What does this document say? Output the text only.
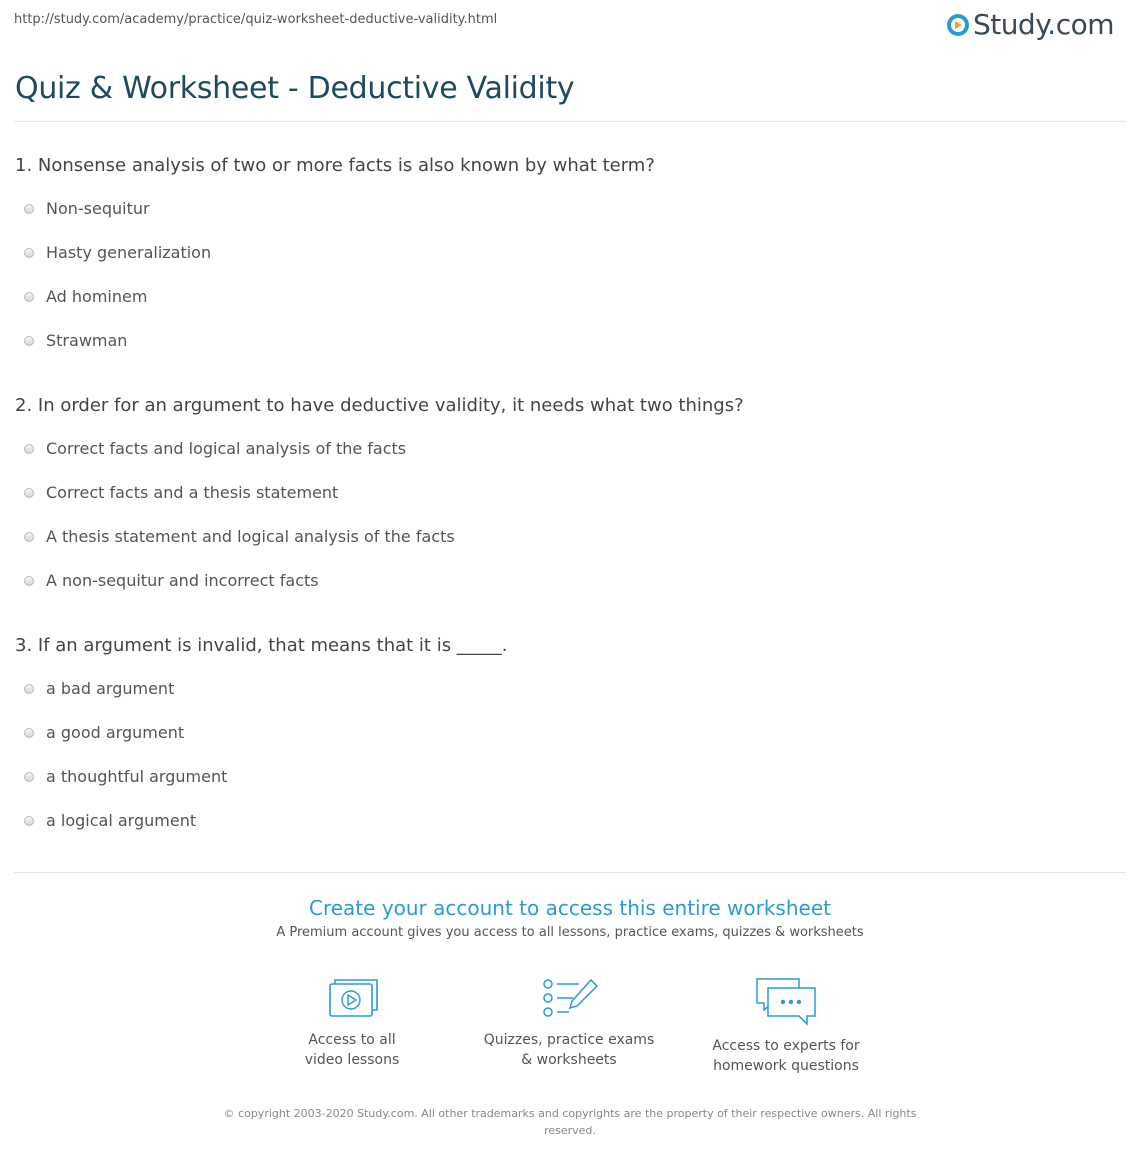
http://study.com/academy/practice/quiz-worksheet-deductive-validity.html	Study.com
Quiz & Worksheet - Deductive Validity
1. Nonsense analysis of two or more facts is also known by what term?
Non-sequitur
Hasty generalization
Ad hominem
Strawman
2. In order for an argument to have deductive validity, it needs what two things?
Correct facts and logical analysis of the facts
Correct facts and a thesis statement
A thesis statement and logical analysis of the facts
A non-sequitur and incorrect facts
3. If an argument is invalid, that means that it is _____.
a bad argument
a good argument
a thoughtful argument
a logical argument
Create your account to access this entire worksheet
A Premium account gives you access to all lessons, practice exams, quizzes & worksheets
Access to all
video lessons
Quizzes, practice exams
& worksheets
Access to experts for
homework questions
© copyright 2003-2020 Study.com. All other trademarks and copyrights are the property of their respective owners. All rights reserved.
